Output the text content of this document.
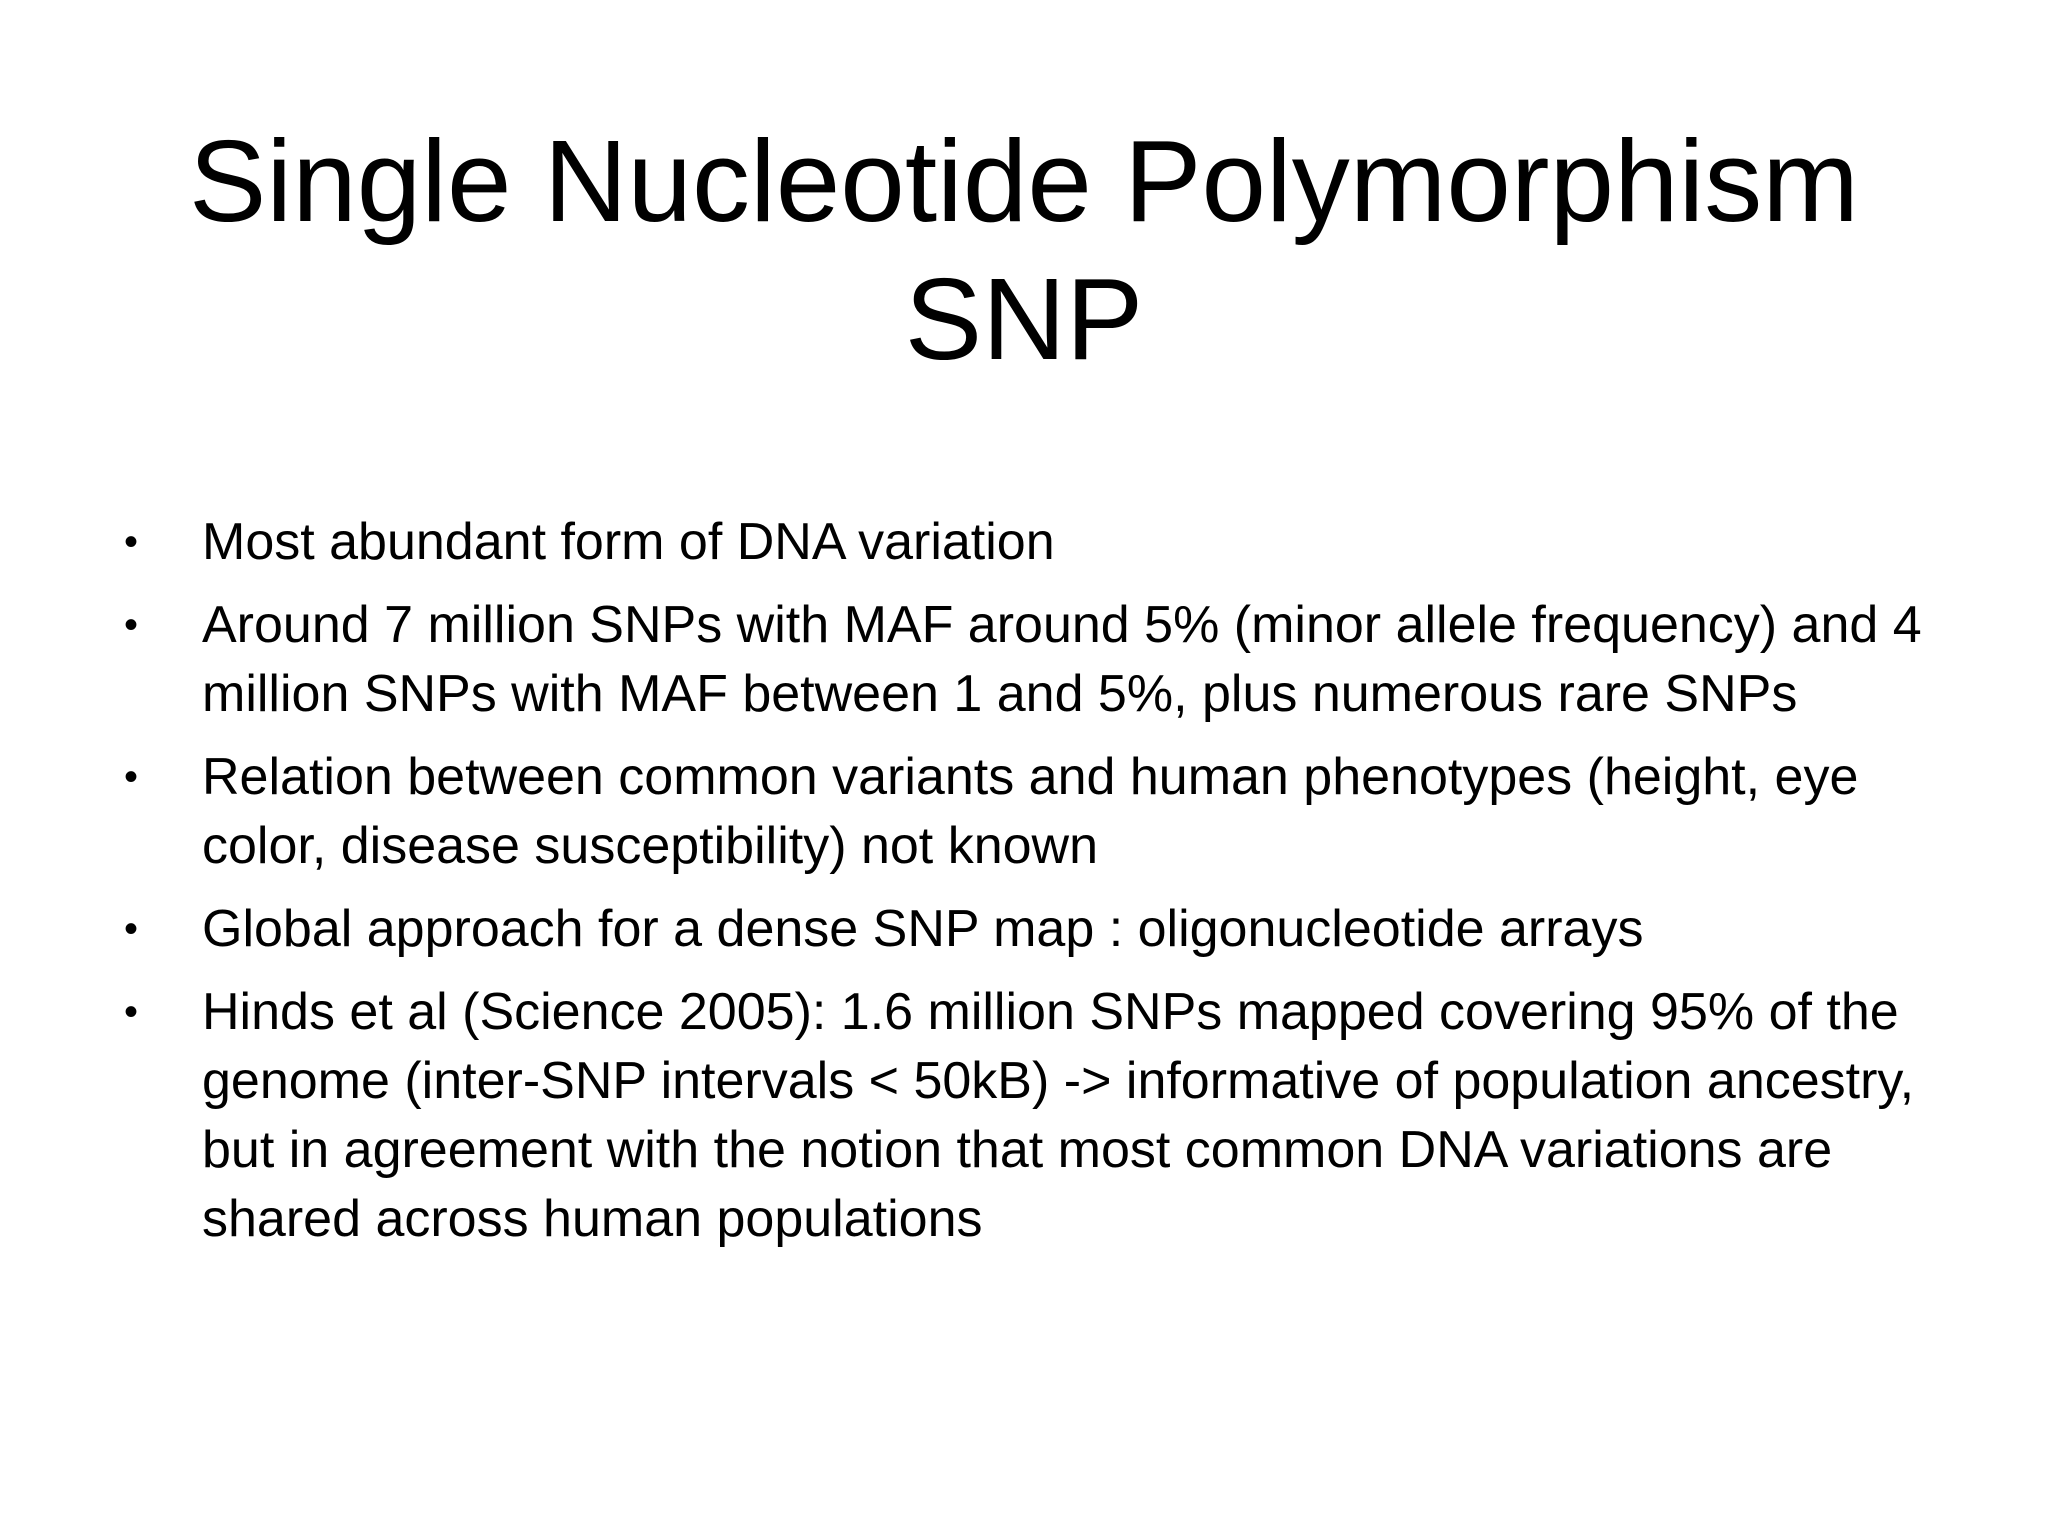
Single Nucleotide Polymorphism
SNP
• Most abundant form of DNA variation
• Around 7 million SNPs with MAF around 5% (minor allele frequency) and 4 million SNPs with MAF between 1 and 5%, plus numerous rare SNPs
• Relation between common variants and human phenotypes (height, eye color, disease susceptibility) not known
• Global approach for a dense SNP map : oligonucleotide arrays
• Hinds et al (Science 2005): 1.6 million SNPs mapped covering 95% of the genome (inter-SNP intervals < 50kB) -> informative of population ancestry, but in agreement with the notion that most common DNA variations are shared across human populations
